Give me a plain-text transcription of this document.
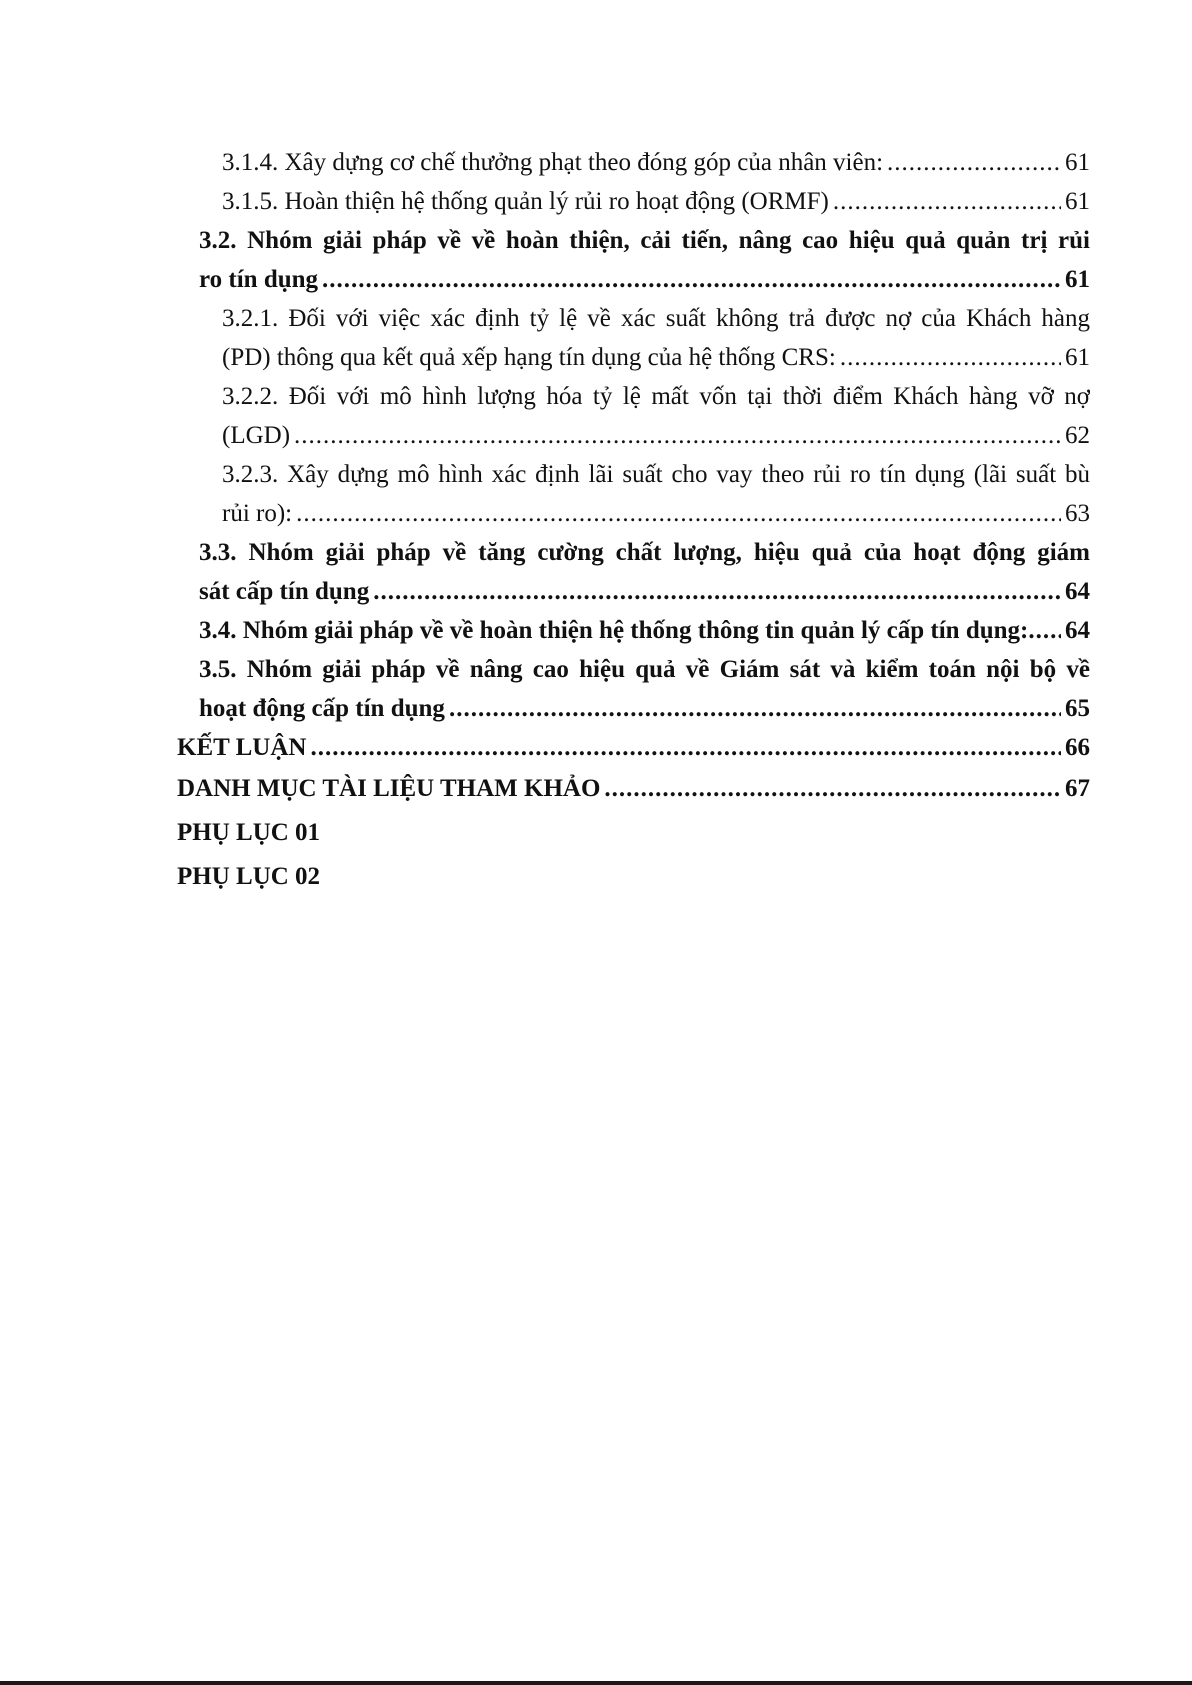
3.1.4. Xây dựng cơ chế thưởng phạt theo đóng góp của nhân viên: .....	61
3.1.5. Hoàn thiện hệ thống quản lý rủi ro hoạt động (ORMF) .....	61
3.2. Nhóm giải pháp về về hoàn thiện, cải tiến, nâng cao hiệu quả quản trị rủi
ro tín dụng .....	61
3.2.1. Đối với việc xác định tỷ lệ về xác suất không trả được nợ của Khách hàng
(PD) thông qua kết quả xếp hạng tín dụng của hệ thống CRS: .....	61
3.2.2. Đối với mô hình lượng hóa tỷ lệ mất vốn tại thời điểm Khách hàng vỡ nợ
(LGD) .....	62
3.2.3. Xây dựng mô hình xác định lãi suất cho vay theo rủi ro tín dụng (lãi suất bù
rủi ro): .....	63
3.3. Nhóm giải pháp về tăng cường chất lượng, hiệu quả của hoạt động giám
sát cấp tín dụng .....	64
3.4. Nhóm giải pháp về về hoàn thiện hệ thống thông tin quản lý cấp tín dụng: ..... 64
3.5. Nhóm giải pháp về nâng cao hiệu quả về Giám sát và kiểm toán nội bộ về
hoạt động cấp tín dụng .....	65
KẾT LUẬN .....	66
DANH MỤC TÀI LIỆU THAM KHẢO .....	67
PHỤ LỤC 01
PHỤ LỤC 02
